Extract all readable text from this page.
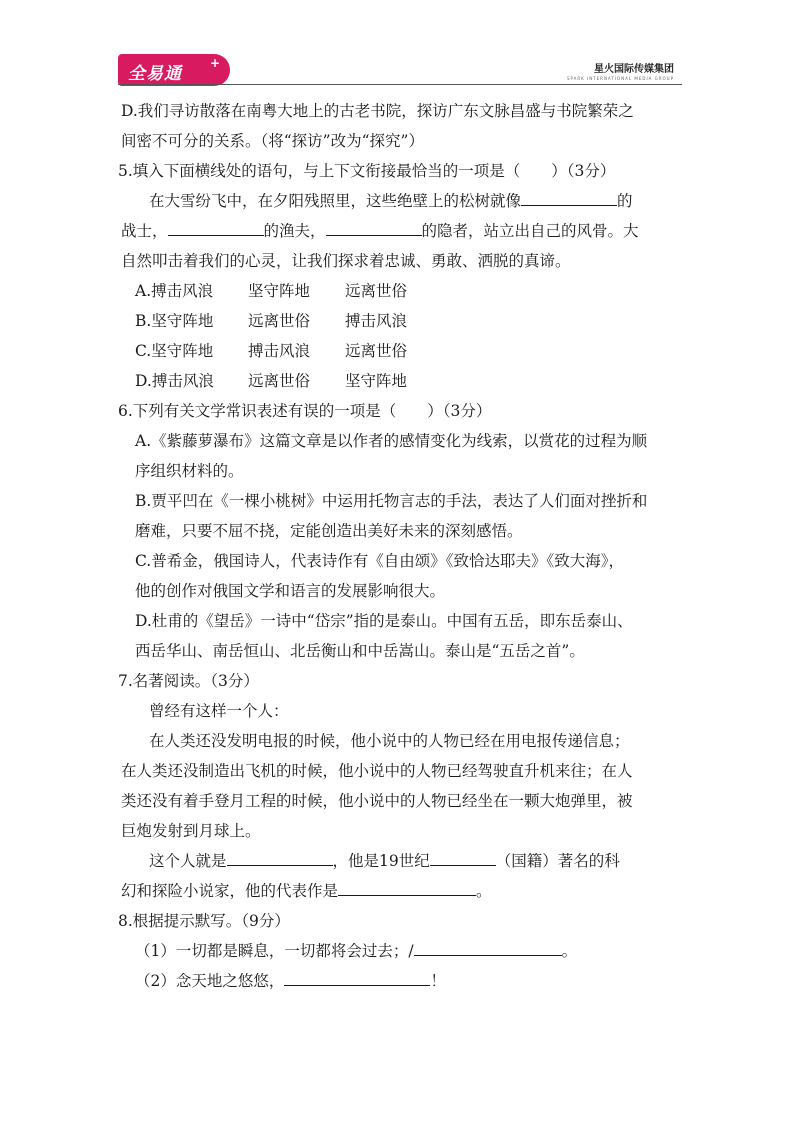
全易通
+	星火国际传媒集团
SPARK INTERNATIONAL MEDIA GROUP
D.我们寻访散落在南粤大地上的古老书院，探访广东文脉昌盛与书院繁荣之
间密不可分的关系。（将“探访”改为“探究”）
5.填入下面横线处的语句，与上下文衔接最恰当的一项是（　　）（3分）
在大雪纷飞中，在夕阳残照里，这些绝壁上的松树就像	的
战士，	的渔夫，	的隐者，站立出自己的风骨。大
自然叩击着我们的心灵，让我们探求着忠诚、勇敢、洒脱的真谛。
A.搏击风浪	坚守阵地	远离世俗
B.坚守阵地	远离世俗	搏击风浪
C.坚守阵地	搏击风浪	远离世俗
D.搏击风浪	远离世俗	坚守阵地
6.下列有关文学常识表述有误的一项是（　　）（3分）
A.《紫藤萝瀑布》这篇文章是以作者的感情变化为线索，以赏花的过程为顺
序组织材料的。
B.贾平凹在《一棵小桃树》中运用托物言志的手法，表达了人们面对挫折和
磨难，只要不屈不挠，定能创造出美好未来的深刻感悟。
C.普希金，俄国诗人，代表诗作有《自由颂》《致恰达耶夫》《致大海》，
他的创作对俄国文学和语言的发展影响很大。
D.杜甫的《望岳》一诗中“岱宗”指的是泰山。中国有五岳，即东岳泰山、
西岳华山、南岳恒山、北岳衡山和中岳嵩山。泰山是“五岳之首”。
7.名著阅读。（3分）
曾经有这样一个人：
在人类还没发明电报的时候，他小说中的人物已经在用电报传递信息；
在人类还没制造出飞机的时候，他小说中的人物已经驾驶直升机来往；在人
类还没有着手登月工程的时候，他小说中的人物已经坐在一颗大炮弹里，被
巨炮发射到月球上。
这个人就是	，他是19世纪	（国籍）著名的科
幻和探险小说家，他的代表作是	。
8.根据提示默写。（9分）
（1）一切都是瞬息，一切都将会过去；/	。
（2）念天地之悠悠，	！
